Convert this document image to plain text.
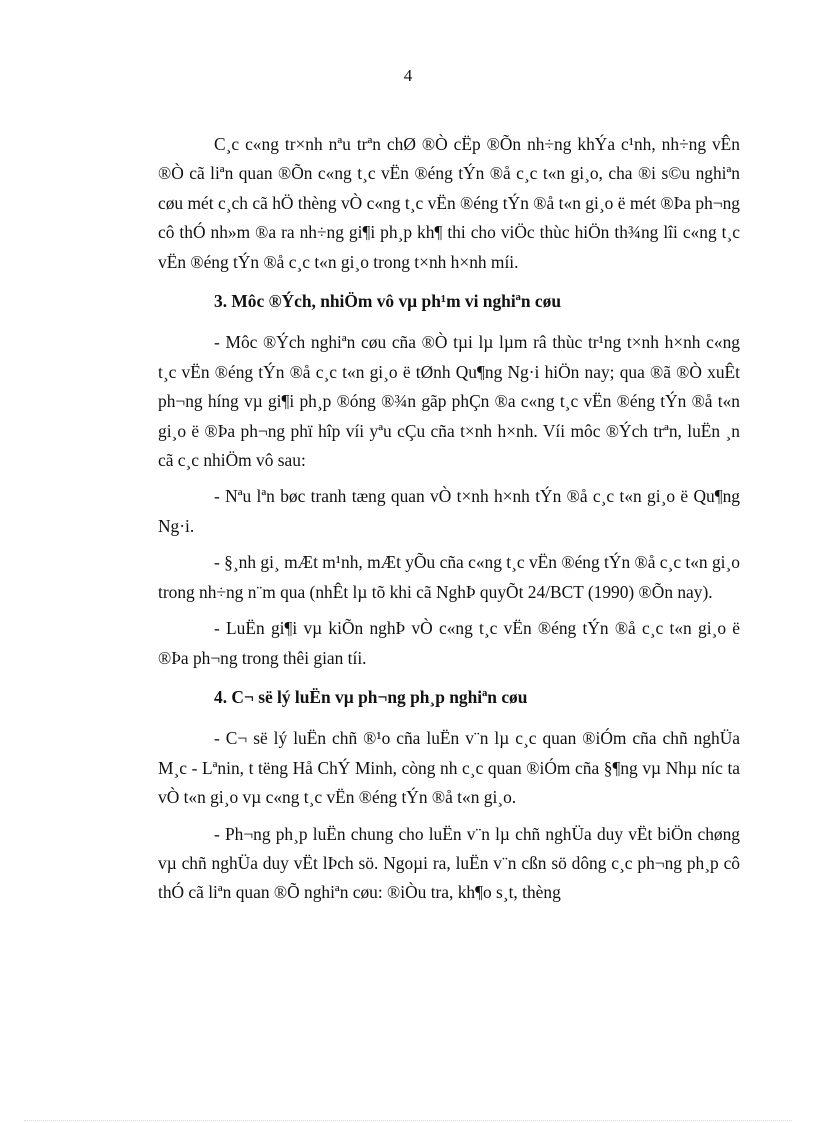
4

C¸c c«ng tr×nh nªu trªn chØ ®Ò cËp ®Õn nh÷ng khÝa c¹nh, nh÷ng vÊn ®Ò cã liªn quan ®Õn c«ng t¸c vËn ®éng tÝn ®å c¸c t«n gi¸o, cha ®i s©u nghiªn cøu mét c¸ch cã hÖ thèng vÒ c«ng t¸c vËn ®éng tÝn ®å t«n gi¸o ë mét ®Þa ph¬ng cô thÓ nh»m ®a ra nh÷ng gi¶i ph¸p kh¶ thi cho viÖc thùc hiÖn th¾ng lîi c«ng t¸c vËn ®éng tÝn ®å c¸c t«n gi¸o trong t×nh h×nh míi.

3. Môc ®Ých, nhiÖm vô vµ ph¹m vi nghiªn cøu

- Môc ®Ých nghiªn cøu cña ®Ò tµi lµ lµm râ thùc tr¹ng t×nh h×nh c«ng t¸c vËn ®éng tÝn ®å c¸c t«n gi¸o ë tØnh Qu¶ng Ng·i hiÖn nay; qua ®ã ®Ò xuÊt ph¬ng híng vµ gi¶i ph¸p ®óng ®¾n gãp phÇn ®a c«ng t¸c vËn ®éng tÝn ®å t«n gi¸o ë ®Þa ph¬ng phï hîp víi yªu cÇu cña t×nh h×nh. Víi môc ®Ých trªn, luËn ¸n cã c¸c nhiÖm vô sau:

- Nªu lªn bøc tranh tæng quan vÒ t×nh h×nh tÝn ®å c¸c t«n gi¸o ë Qu¶ng Ng·i.

- §¸nh gi¸ mÆt m¹nh, mÆt yÕu cña c«ng t¸c vËn ®éng tÝn ®å c¸c t«n gi¸o trong nh÷ng n¨m qua (nhÊt lµ tõ khi cã NghÞ quyÕt 24/BCT (1990) ®Õn nay).

- LuËn gi¶i vµ kiÕn nghÞ vÒ c«ng t¸c vËn ®éng tÝn ®å c¸c t«n gi¸o ë ®Þa ph¬ng trong thêi gian tíi.

4. C¬ së lý luËn vµ ph¬ng ph¸p nghiªn cøu

- C¬ së lý luËn chñ ®¹o cña luËn v¨n lµ c¸c quan ®iÓm cña chñ nghÜa M¸c - Lªnin, t tëng Hå ChÝ Minh, còng nh c¸c quan ®iÓm cña §¶ng vµ Nhµ níc ta vÒ t«n gi¸o vµ c«ng t¸c vËn ®éng tÝn ®å t«n gi¸o.

- Ph¬ng ph¸p luËn chung cho luËn v¨n lµ chñ nghÜa duy vËt biÖn chøng vµ chñ nghÜa duy vËt lÞch sö. Ngoµi ra, luËn v¨n cßn sö dông c¸c ph¬ng ph¸p cô thÓ cã liªn quan ®Õ nghiªn cøu: ®iÒu tra, kh¶o s¸t, thèng
